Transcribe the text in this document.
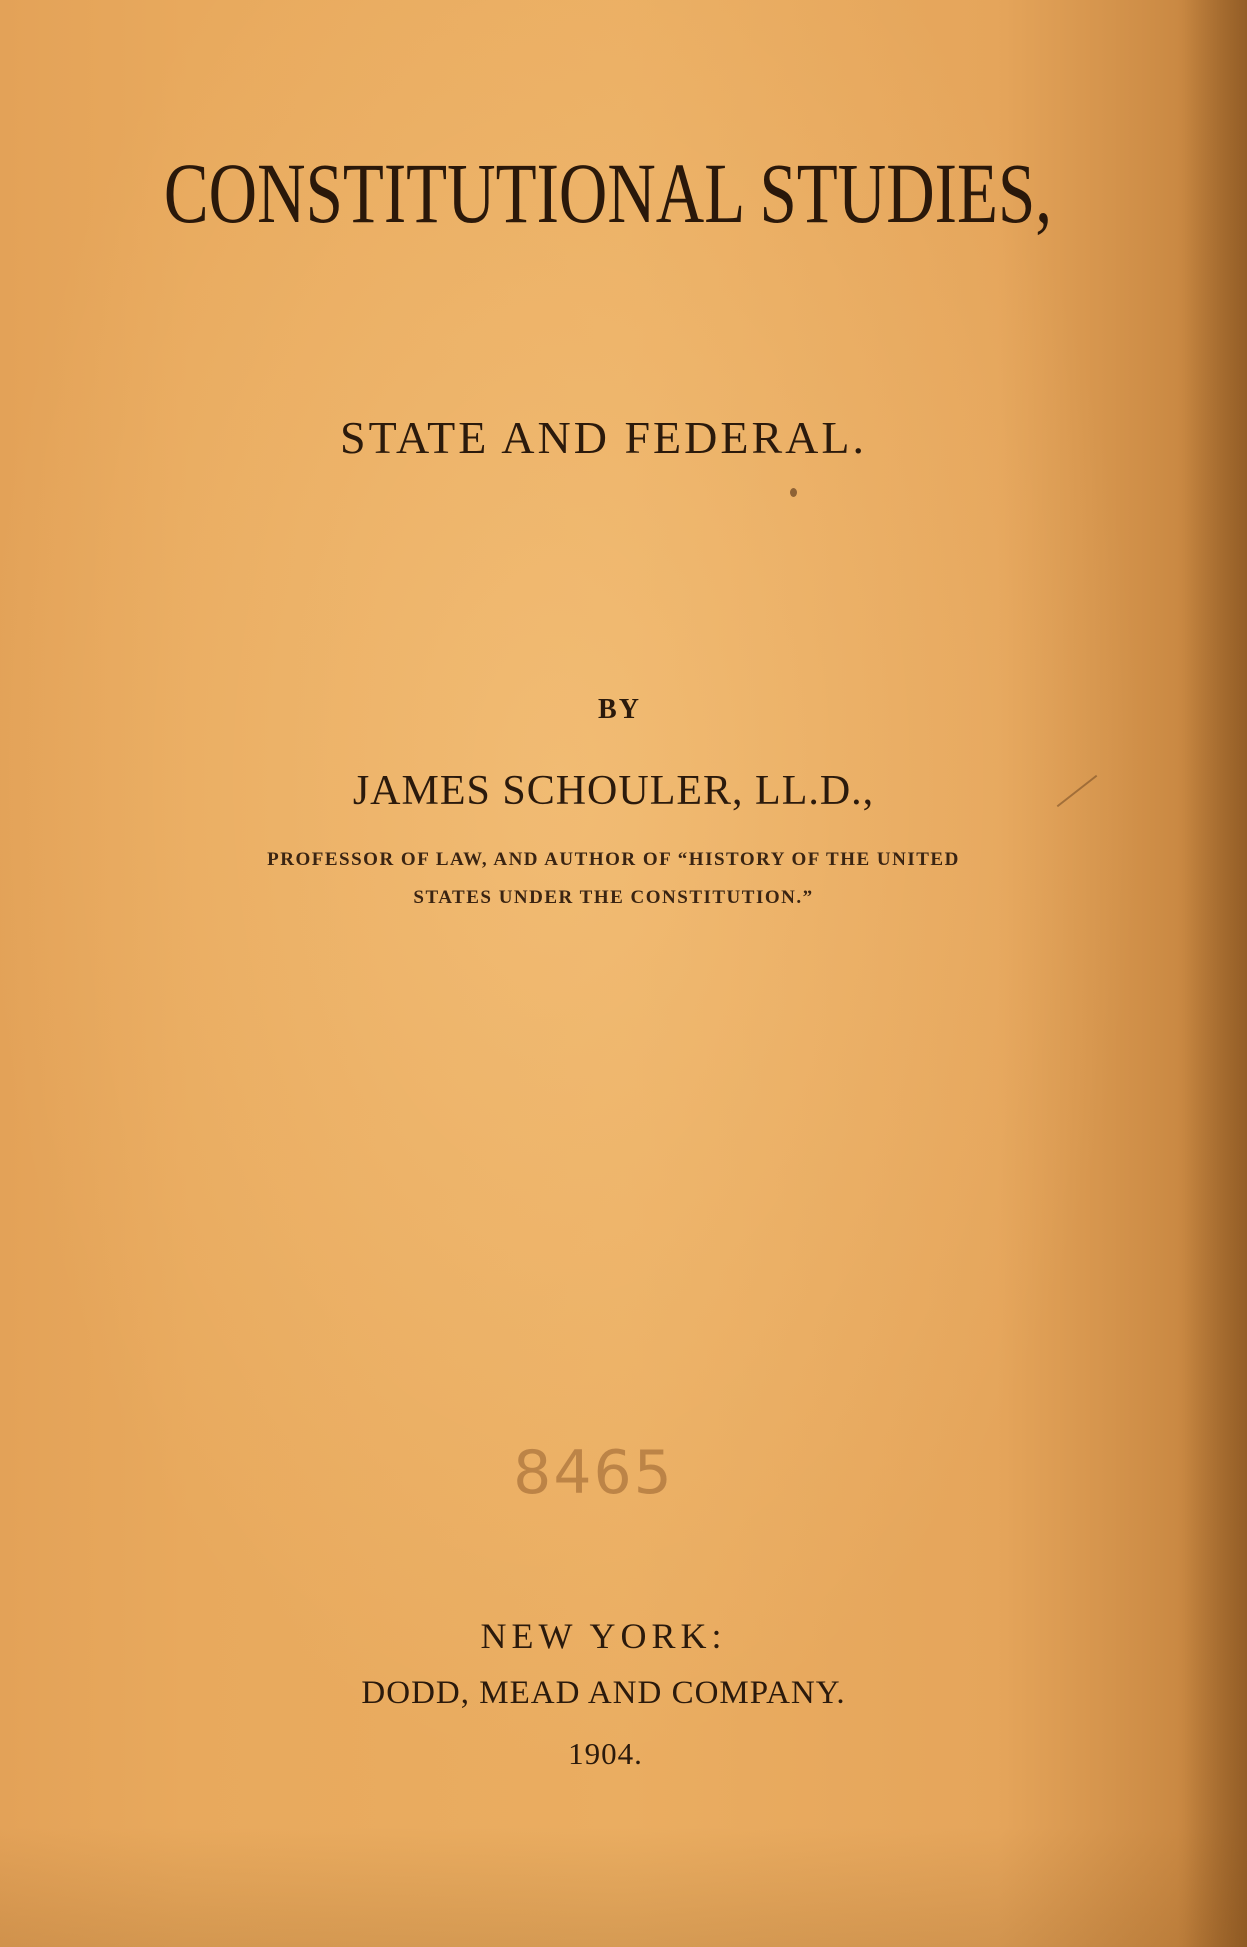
CONSTITUTIONAL STUDIES,
STATE AND FEDERAL.
BY
JAMES SCHOULER, LL.D.,
PROFESSOR OF LAW, AND AUTHOR OF “HISTORY OF THE UNITED
STATES UNDER THE CONSTITUTION.”
8465
NEW YORK:
DODD, MEAD AND COMPANY.
1904.
